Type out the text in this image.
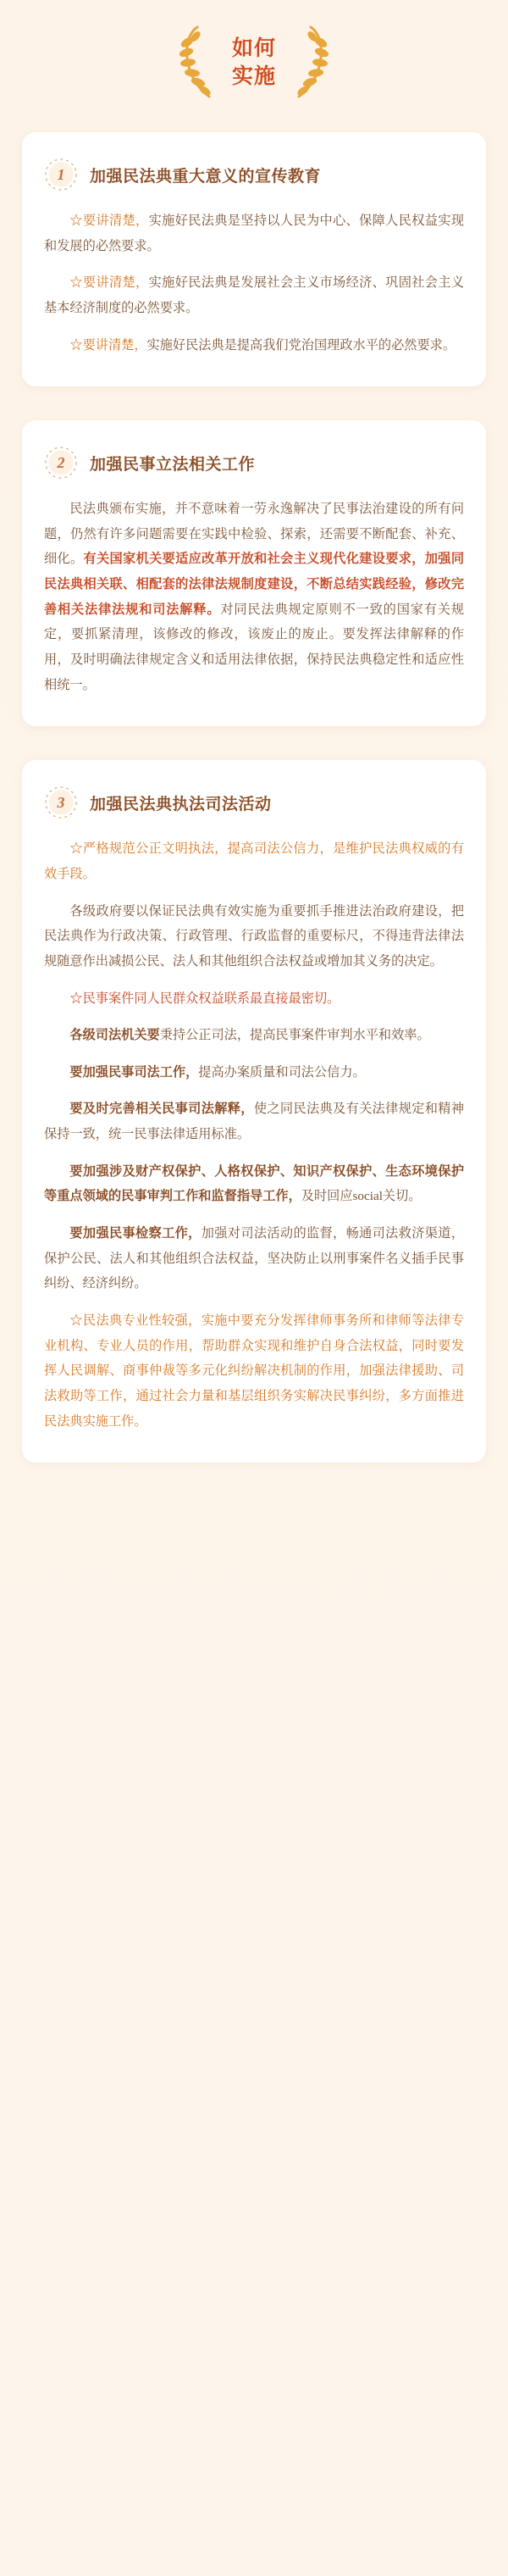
如何
实施
1 加强民法典重大意义的宣传教育

☆要讲清楚，实施好民法典是坚持以人民为中心、保障人民权益实现和发展的必然要求。

☆要讲清楚，实施好民法典是发展社会主义市场经济、巩固社会主义基本经济制度的必然要求。

☆要讲清楚，实施好民法典是提高我们党治国理政水平的必然要求。

2 加强民事立法相关工作

民法典颁布实施，并不意味着一劳永逸解决了民事法治建设的所有问题，仍然有许多问题需要在实践中检验、探索，还需要不断配套、补充、细化。有关国家机关要适应改革开放和社会主义现代化建设要求，加强同民法典相关联、相配套的法律法规制度建设，不断总结实践经验，修改完善相关法律法规和司法解释。对同民法典规定原则不一致的国家有关规定，要抓紧清理，该修改的修改，该废止的废止。要发挥法律解释的作用，及时明确法律规定含义和适用法律依据，保持民法典稳定性和适应性相统一。

3 加强民法典执法司法活动

☆严格规范公正文明执法，提高司法公信力，是维护民法典权威的有效手段。

各级政府要以保证民法典有效实施为重要抓手推进法治政府建设，把民法典作为行政决策、行政管理、行政监督的重要标尺，不得违背法律法规随意作出减损公民、法人和其他组织合法权益或增加其义务的决定。

☆民事案件同人民群众权益联系最直接最密切。

各级司法机关要秉持公正司法，提高民事案件审判水平和效率。

要加强民事司法工作，提高办案质量和司法公信力。

要及时完善相关民事司法解释，使之同民法典及有关法律规定和精神保持一致，统一民事法律适用标准。

要加强涉及财产权保护、人格权保护、知识产权保护、生态环境保护等重点领域的民事审判工作和监督指导工作，及时回应social关切。

要加强民事检察工作，加强对司法活动的监督，畅通司法救济渠道，保护公民、法人和其他组织合法权益，坚决防止以刑事案件名义插手民事纠纷、经济纠纷。

☆民法典专业性较强，实施中要充分发挥律师事务所和律师等法律专业机构、专业人员的作用，帮助群众实现和维护自身合法权益，同时要发挥人民调解、商事仲裁等多元化纠纷解决机制的作用，加强法律援助、司法救助等工作，通过社会力量和基层组织务实解决民事纠纷，多方面推进民法典实施工作。
